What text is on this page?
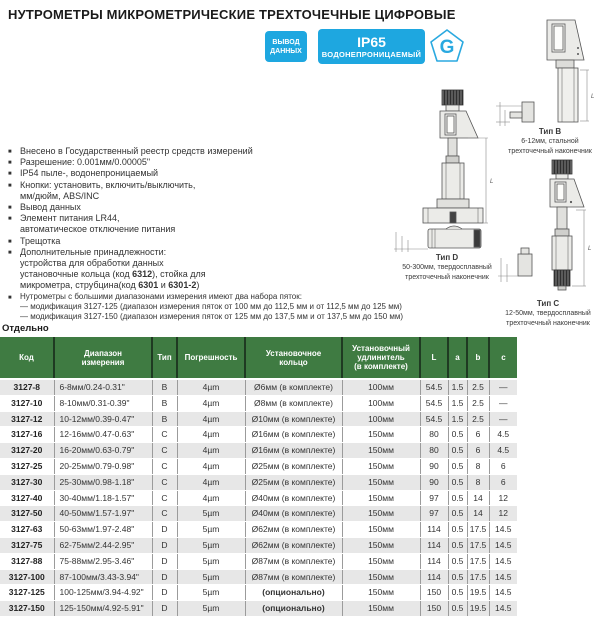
НУТРОМЕТРЫ МИКРОМЕТРИЧЕСКИЕ ТРЕХТОЧЕЧНЫЕ ЦИФРОВЫЕ
ВЫВОД
ДАННЫХ
IP65
ВОДОНЕПРОНИЦАЕМЫЙ G
■ Внесено в Государственный реестр средств измерений
■ Разрешение: 0.001мм/0.00005"
■ IP54 пыле-, водонепроницаемый
■ Кнопки: установить, включить/выключить,
мм/дюйм, ABS/INC
■ Вывод данных
■ Элемент питания LR44,
автоматическое отключение питания
■ Трещотка
■ Дополнительные принадлежности:
устройства для обработки данных
установочные кольца (код 6312), стойка для
микрометра, струбцина(код 6301 и 6301-2)
■ Нутрометры с большими диапазонами измерения имеют два набора пяток:
— модификация 3127-125 (диапазон измерения пяток от 100 мм до 112,5 мм и от 112,5 мм до 125 мм)
— модификация 3127-150 (диапазон измерения пяток от 125 мм до 137,5 мм и от 137,5 мм до 150 мм)
L
L
L
Тип B
6-12мм, стальной
трехточечный наконечник
Тип D
50-300мм, твердосплавный
трехточечный наконечник
Тип C
12-50мм, твердосплавный
трехточечный наконечник
Отдельно
Код	Диапазон
измерения	Тип	Погрешность	Установочное
кольцо	Установочный
удлинитель
(в комплекте)	L	a	b	c
3127-8	6-8мм/0.24-0.31"	B	4µm	Ø6мм (в комплекте)	100мм	54.5	1.5	2.5	—
3127-10	8-10мм/0.31-0.39"	B	4µm	Ø8мм (в комплекте)	100мм	54.5	1.5	2.5	—
3127-12	10-12мм/0.39-0.47"	B	4µm	Ø10мм (в комплекте)	100мм	54.5	1.5	2.5	—
3127-16	12-16мм/0.47-0.63"	C	4µm	Ø16мм (в комплекте)	150мм	80	0.5	6	4.5
3127-20	16-20мм/0.63-0.79"	C	4µm	Ø16мм (в комплекте)	150мм	80	0.5	6	4.5
3127-25	20-25мм/0.79-0.98"	C	4µm	Ø25мм (в комплекте)	150мм	90	0.5	8	6
3127-30	25-30мм/0.98-1.18"	C	4µm	Ø25мм (в комплекте)	150мм	90	0.5	8	6
3127-40	30-40мм/1.18-1.57"	C	4µm	Ø40мм (в комплекте)	150мм	97	0.5	14	12
3127-50	40-50мм/1.57-1.97"	C	5µm	Ø40мм (в комплекте)	150мм	97	0.5	14	12
3127-63	50-63мм/1.97-2.48"	D	5µm	Ø62мм (в комплекте)	150мм	114	0.5	17.5	14.5
3127-75	62-75мм/2.44-2.95"	D	5µm	Ø62мм (в комплекте)	150мм	114	0.5	17.5	14.5
3127-88	75-88мм/2.95-3.46"	D	5µm	Ø87мм (в комплекте)	150мм	114	0.5	17.5	14.5
3127-100	87-100мм/3.43-3.94"	D	5µm	Ø87мм (в комплекте)	150мм	114	0.5	17.5	14.5
3127-125	100-125мм/3.94-4.92"	D	5µm	(опционально)	150мм	150	0.5	19.5	14.5
3127-150	125-150мм/4.92-5.91"	D	5µm	(опционально)	150мм	150	0.5	19.5	14.5
